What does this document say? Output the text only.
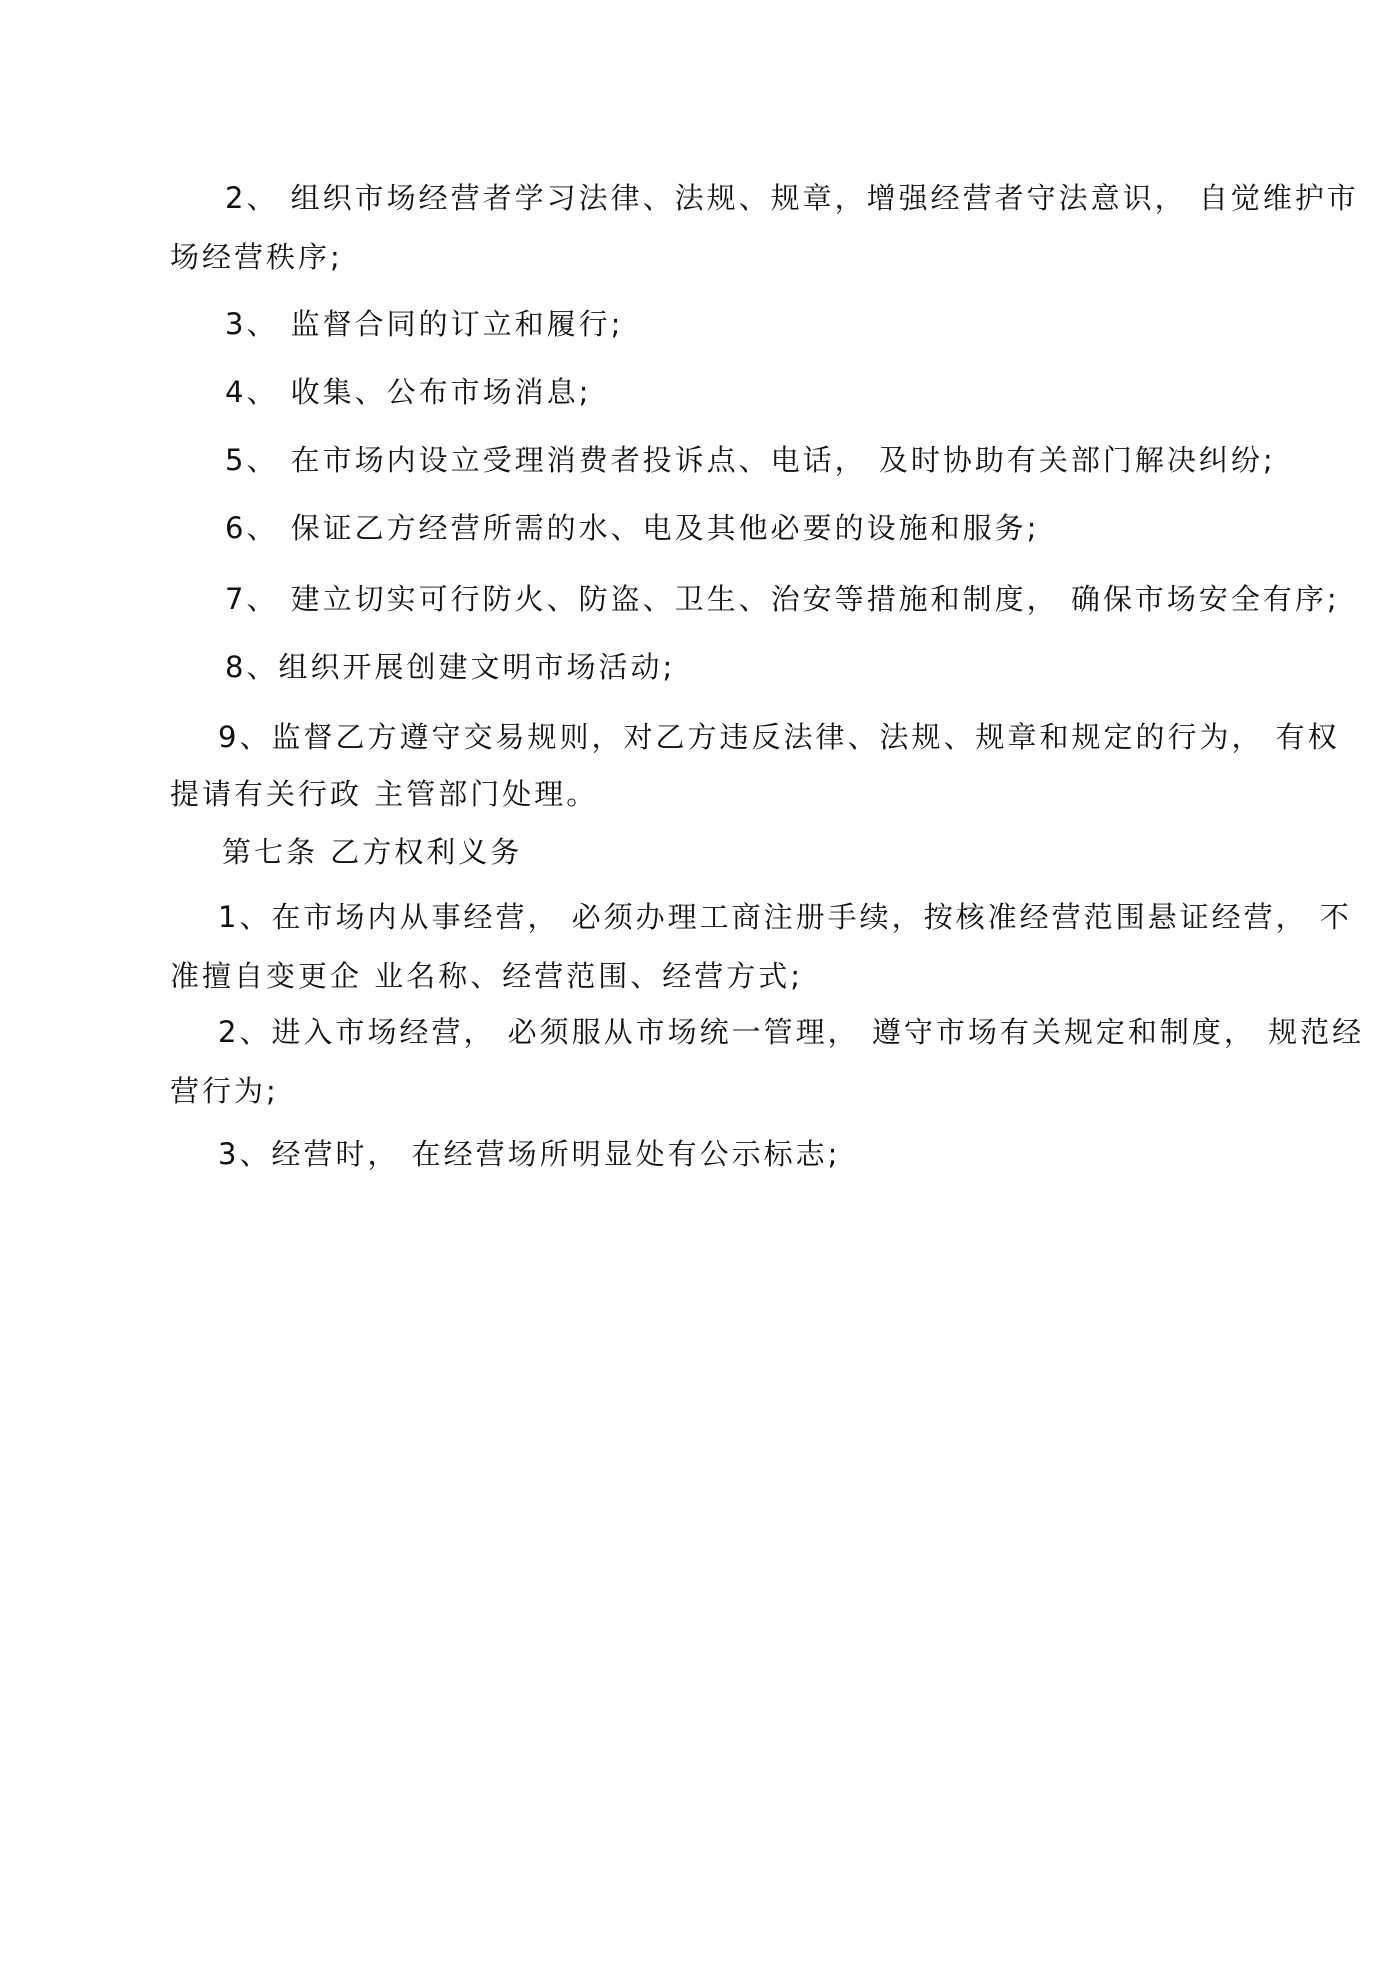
2、 组织市场经营者学习法律、法规、规章，增强经营者守法意识， 自觉维护市
场经营秩序;
3、 监督合同的订立和履行;
4、 收集、公布市场消息;
5、 在市场内设立受理消费者投诉点、电话， 及时协助有关部门解决纠纷;
6、 保证乙方经营所需的水、电及其他必要的设施和服务;
7、 建立切实可行防火、防盗、卫生、治安等措施和制度， 确保市场安全有序;
8、组织开展创建文明市场活动;
9、监督乙方遵守交易规则，对乙方违反法律、法规、规章和规定的行为， 有权
提请有关行政 主管部门处理。
第七条 乙方权利义务
1、在市场内从事经营， 必须办理工商注册手续，按核准经营范围悬证经营， 不
准擅自变更企 业名称、经营范围、经营方式;
2、进入市场经营， 必须服从市场统一管理， 遵守市场有关规定和制度， 规范经
营行为;
3、经营时， 在经营场所明显处有公示标志;
